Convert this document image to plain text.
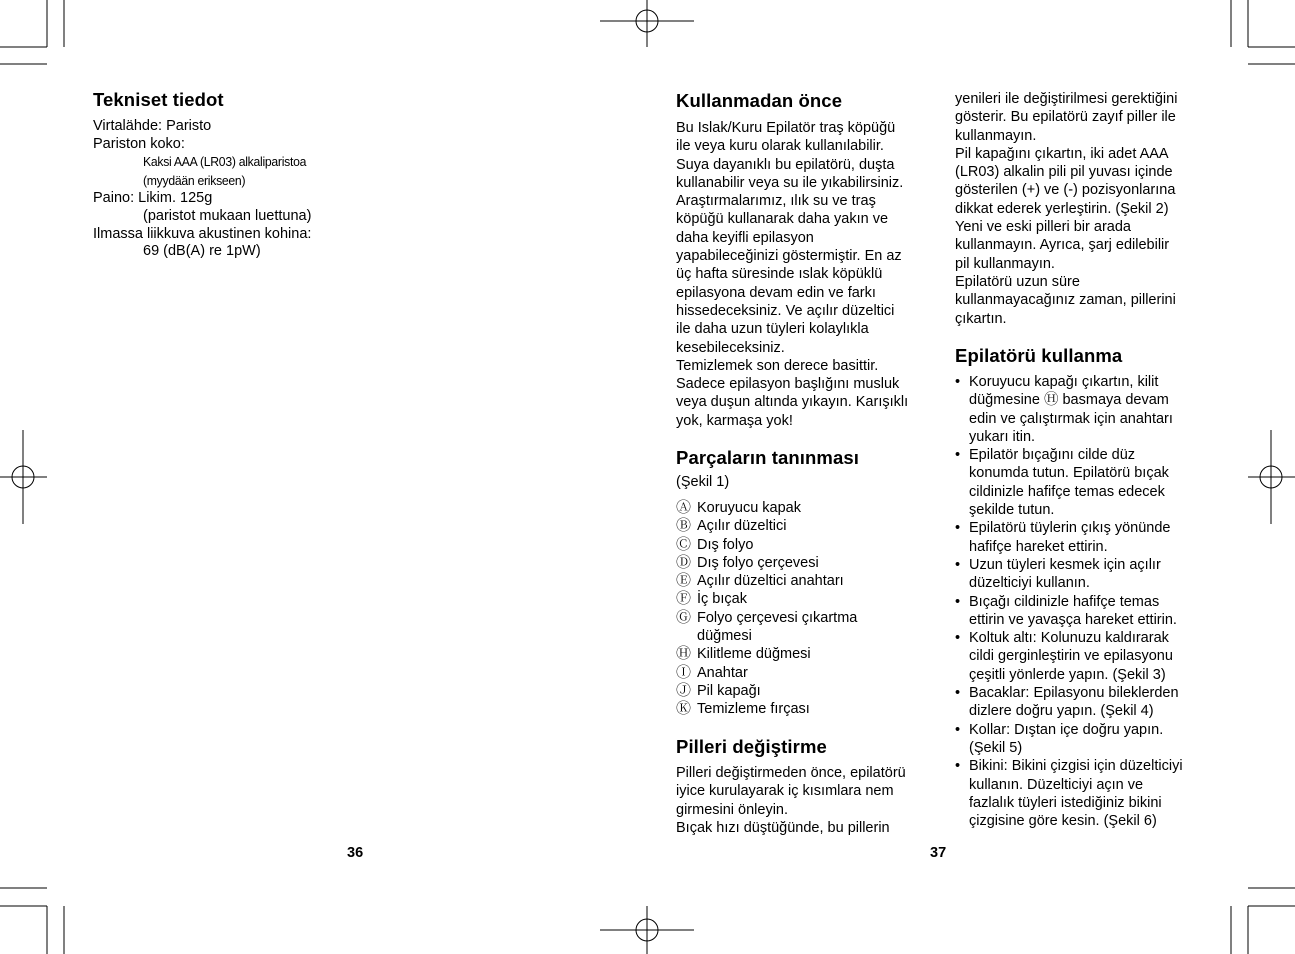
Tekniset tiedot
Virtalähde: Paristo
Pariston koko:
Kaksi AAA (LR03) alkaliparistoa
(myydään erikseen)
Paino: Likim. 125g
(paristot mukaan luettuna)
Ilmassa liikkuva akustinen kohina:
69 (dB(A) re 1pW)
36
Kullanmadan önce

Bu Islak/Kuru Epilatör traş köpüğü

ile veya kuru olarak kullanılabilir.

Suya dayanıklı bu epilatörü, duşta

kullanabilir veya su ile yıkabilirsiniz.

Araştırmalarımız, ılık su ve traş

köpüğü kullanarak daha yakın ve

daha keyifli epilasyon

yapabileceğinizi göstermiştir. En az

üç hafta süresinde ıslak köpüklü

epilasyona devam edin ve farkı

hissedeceksiniz. Ve açılır düzeltici

ile daha uzun tüyleri kolaylıkla

kesebileceksiniz.

Temizlemek son derece basittir.

Sadece epilasyon başlığını musluk

veya duşun altında yıkayın. Karışıklı

yok, karmaşa yok!

Parçaların tanınması
(Şekil 1)
Ⓐ Koruyucu kapak
Ⓑ Açılır düzeltici
Ⓒ Dış folyo
Ⓓ Dış folyo çerçevesi
Ⓔ Açılır düzeltici anahtarı
Ⓕ İç bıçak
Ⓖ Folyo çerçevesi çıkartma
düğmesi
Ⓗ Kilitleme düğmesi
Ⓘ Anahtar
Ⓙ Pil kapağı
Ⓚ Temizleme fırçası
Pilleri değiştirme

Pilleri değiştirmeden önce, epilatörü

iyice kurulayarak iç kısımlara nem

girmesini önleyin.

Bıçak hızı düştüğünde, bu pillerin

37

yenileri ile değiştirilmesi gerektiğini

gösterir. Bu epilatörü zayıf piller ile

kullanmayın.

Pil kapağını çıkartın, iki adet AAA

(LR03) alkalin pili pil yuvası içinde

gösterilen (+) ve (-) pozisyonlarına

dikkat ederek yerleştirin. (Şekil 2)

Yeni ve eski pilleri bir arada

kullanmayın. Ayrıca, şarj edilebilir

pil kullanmayın.

Epilatörü uzun süre

kullanmayacağınız zaman, pillerini

çıkartın.

Epilatörü kullanma
• Koruyucu kapağı çıkartın, kilit
düğmesine Ⓗ basmaya devam
edin ve çalıştırmak için anahtarı
yukarı itin.
• Epilatör bıçağını cilde düz
konumda tutun. Epilatörü bıçak
cildinizle hafifçe temas edecek
şekilde tutun.
• Epilatörü tüylerin çıkış yönünde
hafifçe hareket ettirin.
• Uzun tüyleri kesmek için açılır
düzelticiyi kullanın.
• Bıçağı cildinizle hafifçe temas
ettirin ve yavaşça hareket ettirin.
• Koltuk altı: Kolunuzu kaldırarak
cildi gerginleştirin ve epilasyonu
çeşitli yönlerde yapın. (Şekil 3)
• Bacaklar: Epilasyonu bileklerden
dizlere doğru yapın. (Şekil 4)
• Kollar: Dıştan içe doğru yapın.
(Şekil 5)
• Bikini: Bikini çizgisi için düzelticiyi
kullanın. Düzelticiyi açın ve
fazlalık tüyleri istediğiniz bikini
çizgisine göre kesin. (Şekil 6)
